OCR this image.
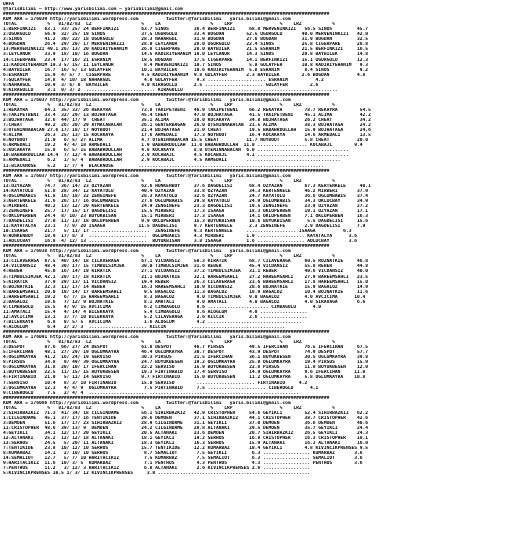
URFA
@YarisBilimi — http://www.yarisbilimi.com — yarisbilimi@gmail.com
######################################################################################################################
KUM ARA = 176039 http://yarisbilimi.wordpress.com          twitter:@YarisBilimi   yaris.bilimi@gmail.com
TOTAL           %   81/82/83  LZ                  %    LA                  %    LRP                 %    LRZ           %
1:BERFINKIZI   63.1  33/ 25/ 24 BERFINKIZI        63.7 SINOS         38.4 BERFINKIZI     68.8 MERVENINKIZI   56.5 SINOS         45.7
2:UGURGULU     56.9  32/ 25/ 19 SINOS             37.5 UGURGULU      33.4 BOGDAN        52.5 UGURGULU       40.0 MERVENINKIZI   42.0
3:SINOS        41.2  30/ 22/ 18 UGURGULU          28.3 NAHARGUL      31.9 BOGDAN        27.6 BOGDAN         31.9 BOGDAN         32.5
4:BOGDAN       26.4  29/ 20/ 17 MERVENINKIZI      28.0 LEYLANUR      28.0 UGURGULU      22.4 SINOS          25.8 CIGERPARE      26.8
13:MERVENINKIZI 49.1 26/ 13/ 20 KADIRIYEHANIM     26.8 CIGERPARE     28.0 BAYBILEK      21.5 ESRANIM        21.5 BERFINKIZI     16.5
3:LEYLANUR     33.9  18/ 10/ 16 BOGDAN            14.5 KADIRIYEHANIM 18.0 LEYLANUR      14.3 SINOS          20.8 BAYBILEK       14.8
14:CIGERPARE   23.4  17/ 16/ 21 ESRANIM           18.5 BOGDAN        17.5 CIGERPARE     14.1 BERFINKIZI     15.1 UGURGULU       12.3
11:KADIRIYEHANIM 19.3 5/ 15/ 11 LEYLANUR           8.4 MERVENINKIZI  10.7 SINOS          5.8 GULAYFER       10.8 KADIRIYEHANIM   9.3
4:BAYBILEK     16.7  16/ 5/ 13 GULAYFER           10.1 BAYBILEK      10.6 KADIRIYEHANIM  5.8 ESRANIM         8.4 SINOS           9.2
6:ESRANIM      15.9  4/ 5/ 7  CIGERPARE           4.5 KADIRIYEHANIM  9.8 GULAYFER       2.3 BAYBILEK        2.6 BOGDAN          4.8
7:GULAYFER     14.8  4/ 10/ 18 NAHARGUL            4.0 GULAYFER       9.3 ..................... ESRANIM          4.2
8:NAHARGUL     10.9  3/ 6/ 8  BAYBILEK            4.0 KIRAGOLLU      2.5 ..................... GULAYFER        2.6
9:KIRAGOLLU     3.1  0/ 3/ 2  ......................... KIRAGOLLU      ..................................................
######################################################################################################################
KUM ARA = 176037 http://yarisbilimi.wordpress.com          twitter:@YarisBilimi   yaris.bilimi@gmail.com
TOTAL           %   81/82/83  LZ                  %    LA                  %    LRP                 %    LRZ           %
1:REKAYRA      64.1  35/ 33/ 26 REKAYRA           73.8 TAKIPETBENI   46.9 TAKIPETBENI    66.2 REKAYRA        78.7 REKAYRA        54.5
9:TAKIPETBENI  33.4  32/ 29/ 13 BOJHATAGA         45.4 CHEAT         47.0 BOJHATAGA      41.5 TAKIPETBENI    45.1 ALIMA          42.2
2:BOJHATAGA    32.6  44/ 17/ 9  CHEAT             35.1 ALIMA         28.0 KOCAKAYA       34.8 BOJHATAGA      26.2 CHEAT          34.2
7:CHEAT        49.2  26/ 20/ 29 ATMACABACAN       26.1 GENTERBAGAN   26.0 OTENINNABACAN  21.5 ALIMA          38.3 BOJHATAGA      24.2
3:OTENINNABACAN 27.6 17/ 18/ 17 NOYBOOT           21.4 BOJHATAGA     21.0 CHEAT          19.5 BABABRDULLAH   15.9 BOJHATAGA      24.6
4:ALIMA        26.3  25/ 13/ 15 KOCAKAYA          17.6 ARMEDALI      17.3 NOYBOOT        16.4 KOCAKAYA       14.6 ARMEDALI       13.5
8:NOYBOOT      21.0   6/ 5/ 27 ALIMA              4.7 OTENINNABACAN 15.5 CHEAT          11.7 NOYBOOT         5.8 CHEAT          20.0
6:ARMEDALI     19.2   4/ 4/ 18 ARMEDALI           1.9 BABABRDULLAH  11.0 BABABRDULLAH  11.0 .................. KOCABAJL        9.4
5:KOCAKAYA     15.8   6/ 5/ 15 BABABRDULLAH       4.8 KOCAKAYA       8.0 OTENINNABACAN  6.0 .................................
10:BABABRDULLAH 14.4  7/ 12/ 4 BABABRDULLAH       2.9 KOCABAJL       4.5 KOCABAJL       4.1 .................................
5:ARMEDALI      6.2   1/ 5/ 4  BABABRDULLAH       2.9 KOCABAJL       4.5 ARMEDALI       ..................................
11:BLACKNOSE    5.2   1/ 7/ 4  BLACKNOSE         ...................................................................
######################################################################################################################
KUM ARA = 176037 http://yarisbilimi.wordpress.com          twitter:@YarisBilimi   yaris.bilimi@gmail.com
TOTAL           %   81/82/83  LZ                  %    LA                  %    LRP                 %    LRZ           %
13:OZYAZAN     74.7  36/ 14/ 23 OZYAZAN           62.6 HUNKENBOY     37.6 DAGDELISI      68.4 OZYAZAN        67.3 KERTENKELE     40.1
14:KAYATOLU    51.8  28/ 34/ 12 KAYATOLU          40.4 OZYAZAN       33.8 OZYAZAN        34.3 KERTENKELE     46.2 MIRBERI       37.9
4:OGLUMBABIS   41.8  16/ 18/ 22 ZENGINEFE         28.3 KAYATOLU      32.6 OZYAZAN        24.7 KAYATOLU       36.6 OGLUMBABIS    37.4
3:KERTENKELE   31.6  26/ 17/ 16 OGLUMBABIS        27.6 OGLUMBABIS    29.8 KAYATOLU       24.9 OGLUMBABIS     34.3 OKLUCBAY      34.9
5:MIRBERI      40.2  13/ 12/ 20 KERTENKELE        24.9 ZENGINEFE     23.3 DAGDELISI      19.5 ZENGINEFE      23.9 OZYAZAN       27.2
2:ZENGINEFE    25.7  17/ 15/ 17 DAGDELISI         15.5 MIRBERI       17.3 ISAAGA         18.3 OKLUPERBEN     19.1 OZYAZAN       17.1
6:OKLUPERBEN   24.4  8/ 10/ 23 BUYUKBISAN         15.1 MIRBERI       17.3 ISAAGA         14.1 OKLUPERBEN     7.1 OKLUPERBEN     16.3
7:DAGDELISI    27.0  11/ 13/ 18 OKLUPERBEN        9.9 OKLUPERBEN     15.3 BUYUKBISAN     10.6 BUYUKBISAN      5.5 DAGDELISI     15.6
11:KAYATALYA   23.1   7/ 9/ 20 ISAAGA            11.5 DAGDELISI      9.7 KERTENKELE      2.3 ZENGINEFE       2.9 DAGDELISI      7.9
10:ISAAGA      21.7   5/ 11/ 17 .....................  ZENGINEFE     9.3 KERTENKELE     .................. ISAAGA          6.3
9:HUNKENBOY    18.9  17/ 8/ 3  .....................  OGLUMBABIS     4.3 MIRBERI        1.9 ................. KAYATALYA      3.6
1:AOLUCBAY     16.8  4/ 12/ 13 .....................  BUYUKBISAN     3.8 ISAAGA         1.6 ................. AOLUCBAY       3.6
######################################################################################################################
KUM ARA = 176038 http://yarisbilimi.wordpress.com          twitter:@YarisBilimi   yaris.bilimi@gmail.com
TOTAL           %   81/82/83  LZ                  %    LA                  %    LRP                 %    LRZ           %
13:CILAVERAGA  67.5  40/ 14/ 18 CILAVERAGA        67.1 VICDANSIZ     50.3 KIRATIK        68.7 CILAVERAGA     60.5 ROZNATKIE     46.8
14:VICDANSIZ   48.4  30/ 17/ 15 TIMBULSIMJEK      30.0 TIMBULSIMJEK  31.6 REBER          45.4 VICDANSIZ      55.8 REBER         44.8
4:REBER        45.0  16/ 14/ 19 KIRATIK           27.1 VICDANSIZ     37.2 TIMBULSIMJEK   31.1 REBER          40.6 VICDANSIZ     40.0
3:TIMBULSIMJEK 42.1  20/ 17/ 18 KIRATIK           21.1 BOJNATKIE     32.1 HAREEMSAHLI    27.2 HAREEMSAHLI    27.9 BAREEMSAHLI   23.5
5:KIRATIK      37.9  29/ 13/ 11 VICDANSIZ         19.4 REBER         26.3 CILAVERAGA     23.6 BAREEMSAHLI    17.8 HAREEMSAHLI   15.0
6:BOJNATKIE    32.3  11/ 17/ 14 REBER             16.3 HAREEMSAHLI   10.9 VICDANSIZ      20.6 BOJNATKIE      15.9 BAGALOZ       14.9
8:BAREEMSAHLI  20.0  10/ 14/ 17 BAREEMSAHLI        9.5 BAGALOZ       11.3 BAGALOZ        18.9 BAGALOZ        10.4 BOJNATKIE     11.6
1:HAREEMSAHLI  19.2   6/ 7/ 15 HAREEMSAHLI         8.3 BAGALOZ        9.0 TIMBULSIMJEK   9.0 BAGALOZ         4.0 AVCICIMA      10.4
2:BAGALOZ      18.6   7/ 12/ 9 BOJNATKIE           8.1 AMATALI        9.0 AMATALI        4.0 BAGALOZ         4.0 SIRAVAGA       6.6
9:CIMBAGOLU    15.5   4/ 9/ 15 AVCICIMA            6.2 CIMBAGOLU      8.6 ...................... CIMBAGOLU      4.0
11:AMATALI     15.4   4/ 14/ 4 BILEKKAYA           5.4 CIMBAGOLU      8.6 ALOGLUM        4.0 .................
12:AVCICIMA    13.1   3/ 7/ 10 BILEKKAYA           5.2 CILAVERAGA     2.6 KILCIK         2.6 .................
7:BILEKKAYA     6.8   0/ 5/ 5  AVCICIMA            1.6 ALOGLUM        4.2 ..................................
4:ALOGLUM       6.4   2/ 2/ 3  ..................... KILCIK         ..................................
######################################################################################################################
KUM ARA = 176091 http://yarisbilimi.wordpress.com          twitter:@YarisBilimi   yaris.bilimi@gmail.com
TOTAL           %   81/82/83  LZ                  %    LA                  %    LRP                 %    LRZ           %
3:DESPOT       87.6  66/ 27/ 24 DESPOT            61.8 DESPOT        46.7 PIRSUS         49.5 IFERCIHAN      76.5 IFERCIHAN     67.5
5:IFERCIHAN    48.1  27/ 29/ 19 OGLUMKAYRA        46.4 OGLUMKAYRA    30.7 DESPOT         43.9 DESPOT         74.9 DESPOT        57.7
4:OGLUMKAYRA   41.2  16/ 24/ 19 SERVISO           30.3 PIRSUS        21.5 IFERCIHAN      36.1 BUYUKBESEN     30.5 OGLUMKAYRA    39.8
8:PIRSUS       34.8   9/ 49/ 39 OGLUMKAYRA        24.7 BUYUKBESEN    19.2 OGLUMKAYRA     25.0 OGLUMKAYRA     19.4 PIRSUS        15.9
6:OGLUMKAYRA   31.8  20/ 10/ 17 IFERCIHAN         22.2 SERVISO       15.9 BUYUKBESEN     22.8 PIRSUS         11.8 BUYUKBESEN    12.0
1:BUYUKBESEN   22.5  11/ 15/ 15 BUYUKBESEN        19.3 FIRTINABIO    17.4 SERVISO        14.9 OGLUMKAYRA     9.6 IFERCIHAN     11.0
4:FIRTINABIO   21.0   5/ 11/ 14 SERVISO           9.7 FIRTINABIO     15.0 BUYUKBESEN     11.2 OGLUMKAYRA     5.8 OGLUMKAYRA    10.8
7:SERVISO      10.4   8/ 3/ 10 FIRTINABIO         15.0 SERVISO        ..................... FIRTINABIO     4.2
2:OGLUMKAYRA   12.3   4/ 4/ 9  OGLUMKAYRA          7.5 PIRTINABIO     7.5 ..................... CIBEROGLU      4.1
9:CIBEROGLU     7.5   2/ 4/ 4  ..................... ......................................................
######################################################################################################################
KUM ARA = 176086 http://yarisbilimi.wordpress.com          twitter:@YarisBilimi   yaris.bilimi@gmail.com
TOTAL           %   81/82/83  LZ                  %    LA                  %    LRP                 %    LRZ           %
2:SIHIRBAZKIZ  71.3  41/ 34/ 18 CILGINDAME        56.1 SIHIRBAZKIZ   42.9 CRISTOPHER     54.6 GEYIKLI        52.4 SIHIRBAZKIZ   62.2
1:CILGINDAME   45.1  37/ 17/ 16 TENTIKIDE         29.6 DEMOEN        37.1 SIHIRBAZKIZ    44.1 CRISTOPHER     38.7 CRISTOPHER    42.6
3:DEMOEN       51.6  17/ 17/ 23 SIHIRBAZKIZ       28.9 CILGINDAME    31.1 GEYIKLI        37.0 DEMOEN         36.6 DEMOEN        40.6
11:CRISTOPHER  48.6  39/ 13/ 9  DEMOEN            24.2 CILGINDAME    28.8 ALTANAKI       29.5 DEMOEN         35.7 GEYIKLI       24.4
4:GEYIKLI      34.1  12/ 17/ 20 GEYIKLI           20.5 ALTANAKI      23.6 DEMOEN         20.7 SIHIRBAZKIZ    26.5 GEYIKLI       24.3
12:ALTANAKI    25.2  12/ 12/ 18 ALTANAKI          18.1 GEYIKLI       19.2 SERHOS         16.8 CRISTOPHER     16.3 CRISTOPHER    18.1
13:SERHOS      24.5   5/ 20/ 11 ALTANAKI          18.3 GEYIKLI       16.3 SERHOS         15.9 ALTANAKI       16.3 ALTANAKI      16.0
7:TENTIKIDE    23.8  10/ 12/ 10 SERHOS            15.7 TENTIKIDE     12.2 KUMARBAZ       10.4 GEYIKLI        4.8 KIVINCIKPRENSES 9.5
8:KUMARBAZ     14.1   2/ 10/ 10 SERHOS             8.7 SEMALIOT       7.5 GEYIKLI         6.3 ................. KUMARBAZ       3.6
14:SEMALIOT    12.7   5/ 7/ 10 HARITACIKIZ         7.5 KUMARBAZ       7.5 SEMALIOT        6.3 ................. SEMALIOT       3.6
9:HARITACIKIZ  11.6  10/ 3/ 5  KUMARBAZ            7.1 PENTHOS        4.3 PENTHOS         4.3 ................. PENTHOS        3.6
7:PENTHOS      11.2   3/ 12/ 3 HARITACIKIZ         6.8 ALTANAKI       2.6 KIVINCIKPRENSES 2.6 .................
5:KIVINCIKPRENSES 10.5 1/ 3/ 12 KIVINCIKPRENSES     3.0 .......................................................
